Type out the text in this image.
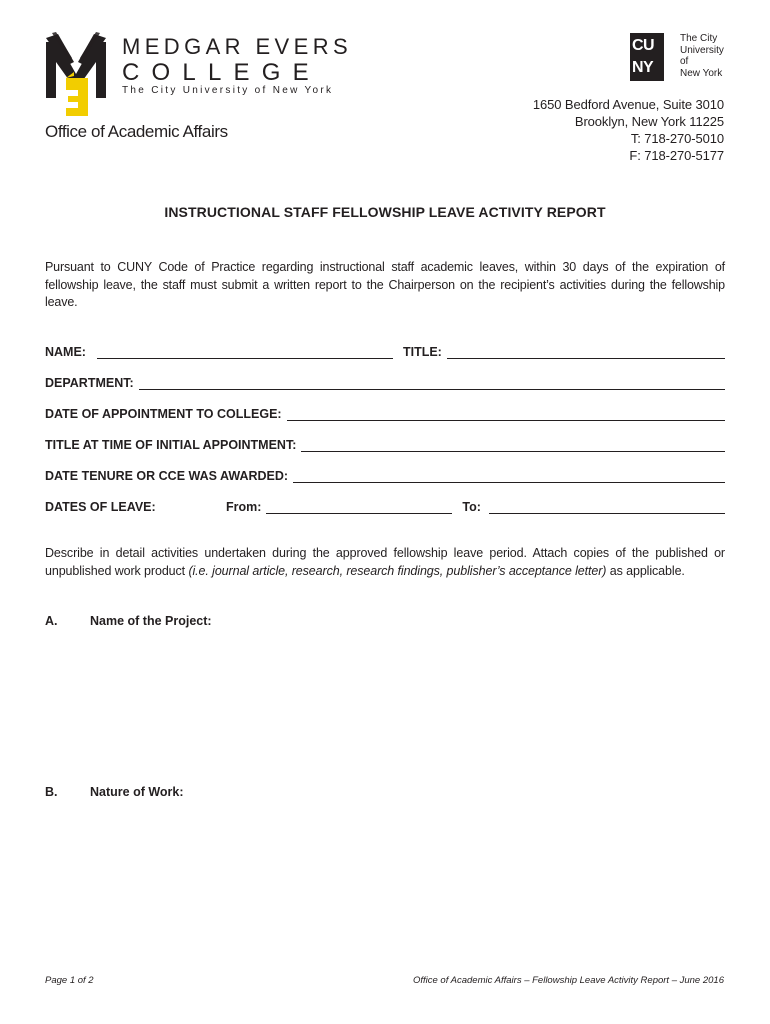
MEDGAR EVERS
COLLEGE
The City University of New York
CU
NY
The City
University
of
New York
Office of Academic Affairs
1650 Bedford Avenue, Suite 3010
Brooklyn, New York 11225
T: 718-270-5010
F: 718-270-5177
INSTRUCTIONAL STAFF FELLOWSHIP LEAVE ACTIVITY REPORT
Pursuant to CUNY Code of Practice regarding instructional staff academic leaves, within 30 days of the expiration of fellowship leave, the staff must submit a written report to the Chairperson on the recipient’s activities during the fellowship leave.
NAME:	TITLE:
DEPARTMENT:
DATE OF APPOINTMENT TO COLLEGE:
TITLE AT TIME OF INITIAL APPOINTMENT:
DATE TENURE OR CCE WAS AWARDED:
DATES OF LEAVE:	From:	To:
Describe in detail activities undertaken during the approved fellowship leave period. Attach copies of the published or unpublished work product (i.e. journal article, research, research findings, publisher’s acceptance letter) as applicable.
A.	Name of the Project:
B.	Nature of Work:
Page 1 of 2	Office of Academic Affairs – Fellowship Leave Activity Report – June 2016
